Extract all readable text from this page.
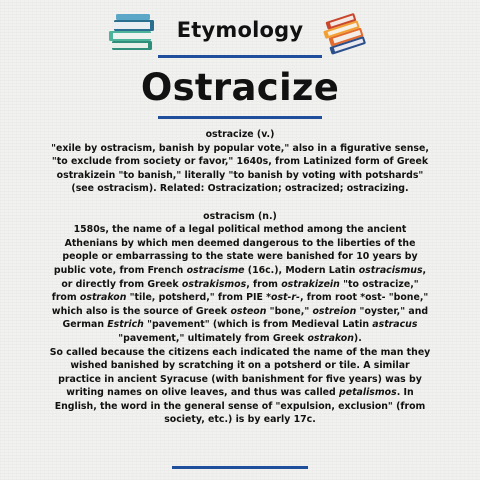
Etymology
Ostracize
ostracize (v.)

"exile by ostracism, banish by popular vote," also in a figurative sense, "to exclude from society or favor," 1640s, from Latinized form of Greek ostrakizein "to banish," literally "to banish by voting with potshards" (see ostracism). Related: Ostracization; ostracized; ostracizing.

ostracism (n.)

1580s, the name of a legal political method among the ancient Athenians by which men deemed dangerous to the liberties of the people or embarrassing to the state were banished for 10 years by public vote, from French ostracisme (16c.), Modern Latin ostracismus, or directly from Greek ostrakismos, from ostrakizein "to ostracize," from ostrakon "tile, potsherd," from PIE *ost-r-, from root *ost- "bone," which also is the source of Greek osteon "bone," ostreion "oyster," and German Estrich "pavement" (which is from Medieval Latin astracus "pavement," ultimately from Greek ostrakon).

So called because the citizens each indicated the name of the man they wished banished by scratching it on a potsherd or tile. A similar practice in ancient Syracuse (with banishment for five years) was by writing names on olive leaves, and thus was called petalismos. In English, the word in the general sense of "expulsion, exclusion" (from society, etc.) is by early 17c.
